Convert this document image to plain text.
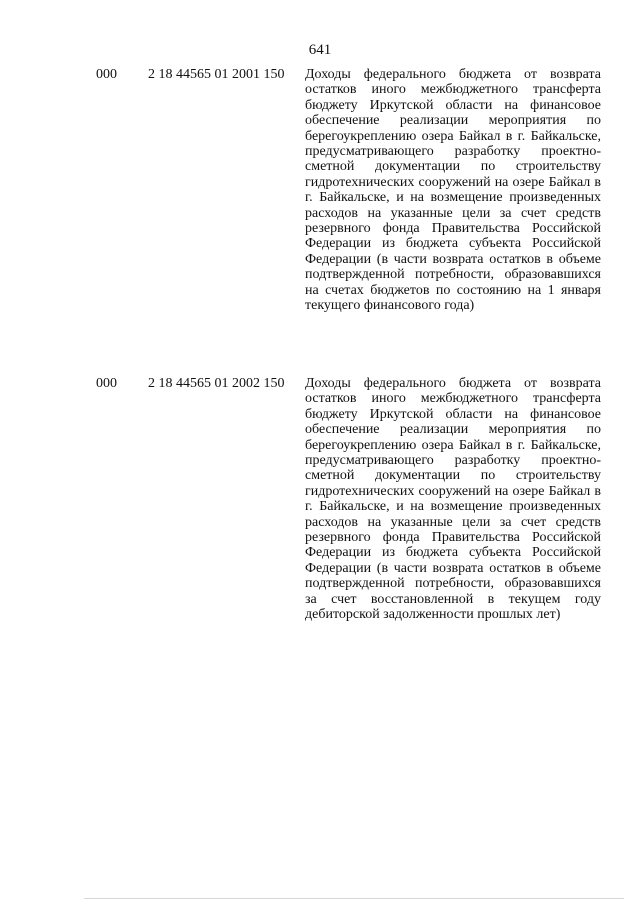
641
000 2 18 44565 01 2001 150 Доходы федерального бюджета от возврата остатков иного межбюджетного трансферта бюджету Иркутской области на финансовое обеспечение реализации мероприятия по берегоукреплению озера Байкал в г. Байкальске, предусматривающего разработку проектно-сметной документации по строительству гидротехнических сооружений на озере Байкал в г. Байкальске, и на возмещение произведенных расходов на указанные цели за счет средств резервного фонда Правительства Российской Федерации из бюджета субъекта Российской Федерации (в части возврата остатков в объеме подтвержденной потребности, образовавшихся на счетах бюджетов по состоянию на 1 января текущего финансового года)

000 2 18 44565 01 2002 150 Доходы федерального бюджета от возврата остатков иного межбюджетного трансферта бюджету Иркутской области на финансовое обеспечение реализации мероприятия по берегоукреплению озера Байкал в г. Байкальске, предусматривающего разработку проектно-сметной документации по строительству гидротехнических сооружений на озере Байкал в г. Байкальске, и на возмещение произведенных расходов на указанные цели за счет средств резервного фонда Правительства Российской Федерации из бюджета субъекта Российской Федерации (в части возврата остатков в объеме подтвержденной потребности, образовавшихся за счет восстановленной в текущем году дебиторской задолженности прошлых лет)
